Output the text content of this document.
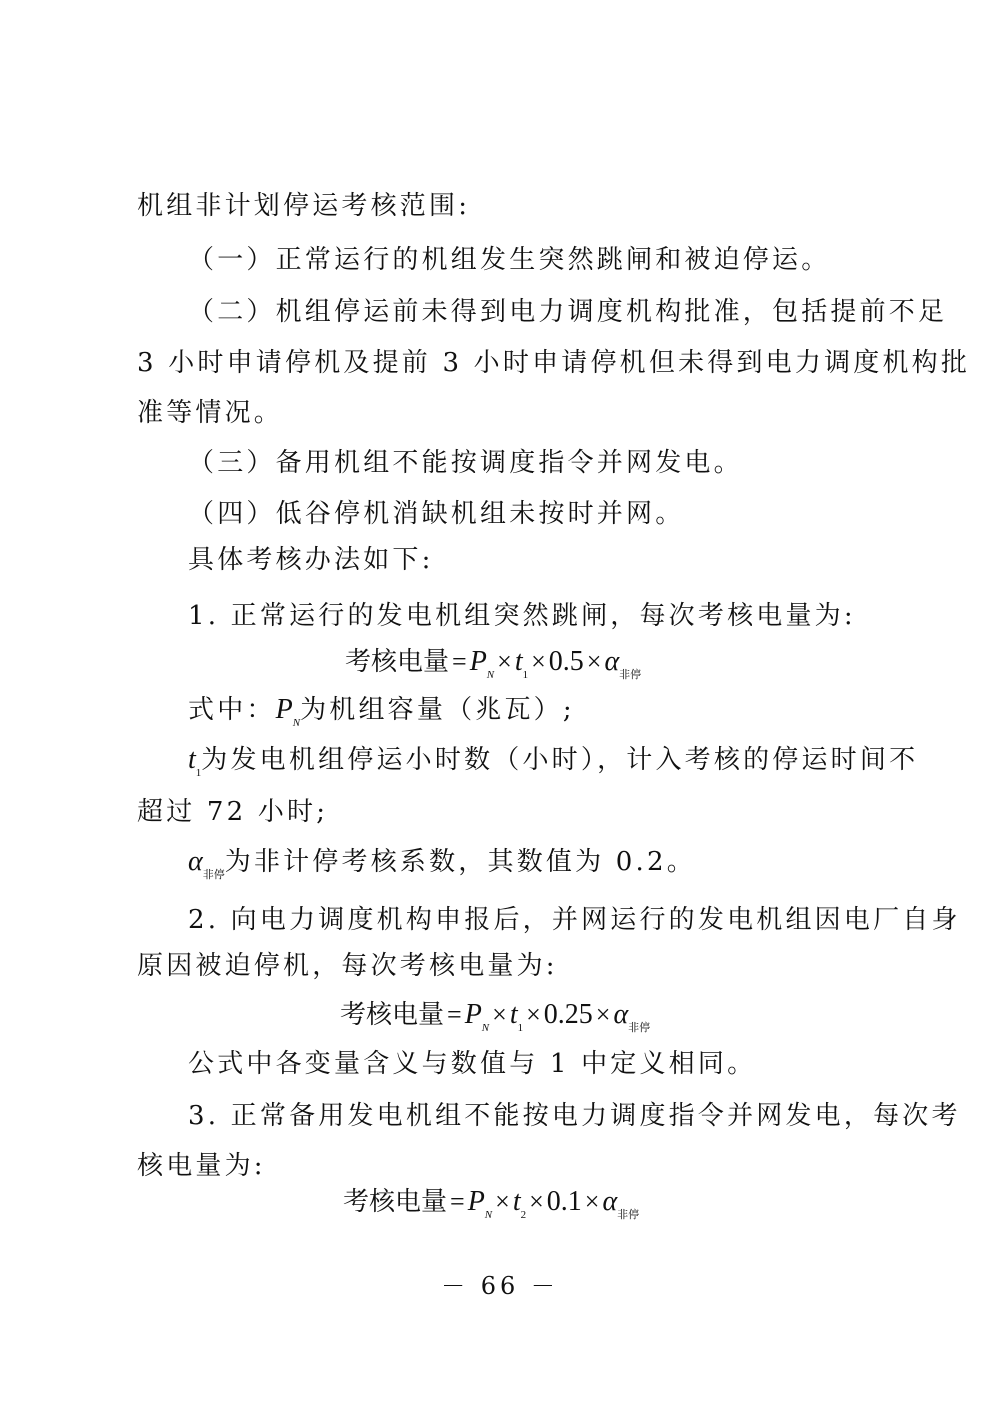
机组非计划停运考核范围:
（一）正常运行的机组发生突然跳闸和被迫停运。
（二）机组停运前未得到电力调度机构批准，包括提前不足
3 小时申请停机及提前 3 小时申请停机但未得到电力调度机构批
准等情况。
（三）备用机组不能按调度指令并网发电。
（四）低谷停机消缺机组未按时并网。
具体考核办法如下:
1. 正常运行的发电机组突然跳闸，每次考核电量为:
考核电量 = $P_N \times t_1 \times 0.5 \times \alpha_{非停}$
式中：$P_N$为机组容量（兆瓦）;
$t_1$为发电机组停运小时数（小时），计入考核的停运时间不
超过 72 小时;
$\alpha_{非停}$为非计停考核系数，其数值为 0.2。
2. 向电力调度机构申报后，并网运行的发电机组因电厂自身
原因被迫停机，每次考核电量为:
考核电量 = $P_N \times t_1 \times 0.25 \times \alpha_{非停}$
公式中各变量含义与数值与 1 中定义相同。
3. 正常备用发电机组不能按电力调度指令并网发电，每次考
核电量为:
考核电量 = $P_N \times t_2 \times 0.1 \times \alpha_{非停}$
－ 66 －
